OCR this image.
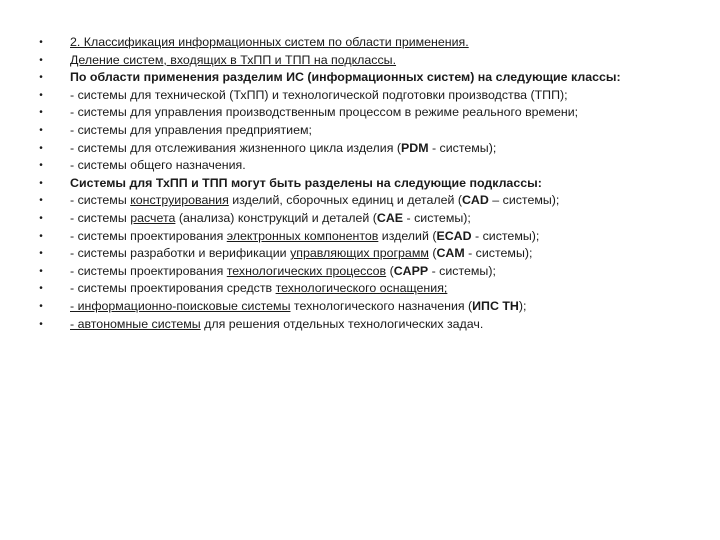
• 2. Классификация информационных систем по области применения.
• Деление систем, входящих в ТхПП и ТПП на подклассы.
• По области применения разделим ИС (информационных систем) на следующие классы:
• - системы для технической (ТхПП) и технологической подготовки производства (ТПП);
• - системы для управления производственным процессом в режиме реального времени;
• - системы для управления предприятием;
• - системы для отслеживания жизненного цикла изделия (PDM - системы);
• - системы общего назначения.
• Системы для ТхПП и ТПП могут быть разделены на следующие подклассы:
• - системы конструирования изделий, сборочных единиц и деталей (CAD – системы);
• - системы расчета (анализа) конструкций и деталей (CAE - системы);
• - системы проектирования электронных компонентов изделий (ECAD - системы);
• - системы разработки и верификации управляющих программ (CAM - системы);
• - системы проектирования технологических процессов (CAPP - системы);
• - системы проектирования средств технологического оснащения;
• - информационно-поисковые системы технологического назначения (ИПС ТН);
• - автономные системы для решения отдельных технологических задач.
